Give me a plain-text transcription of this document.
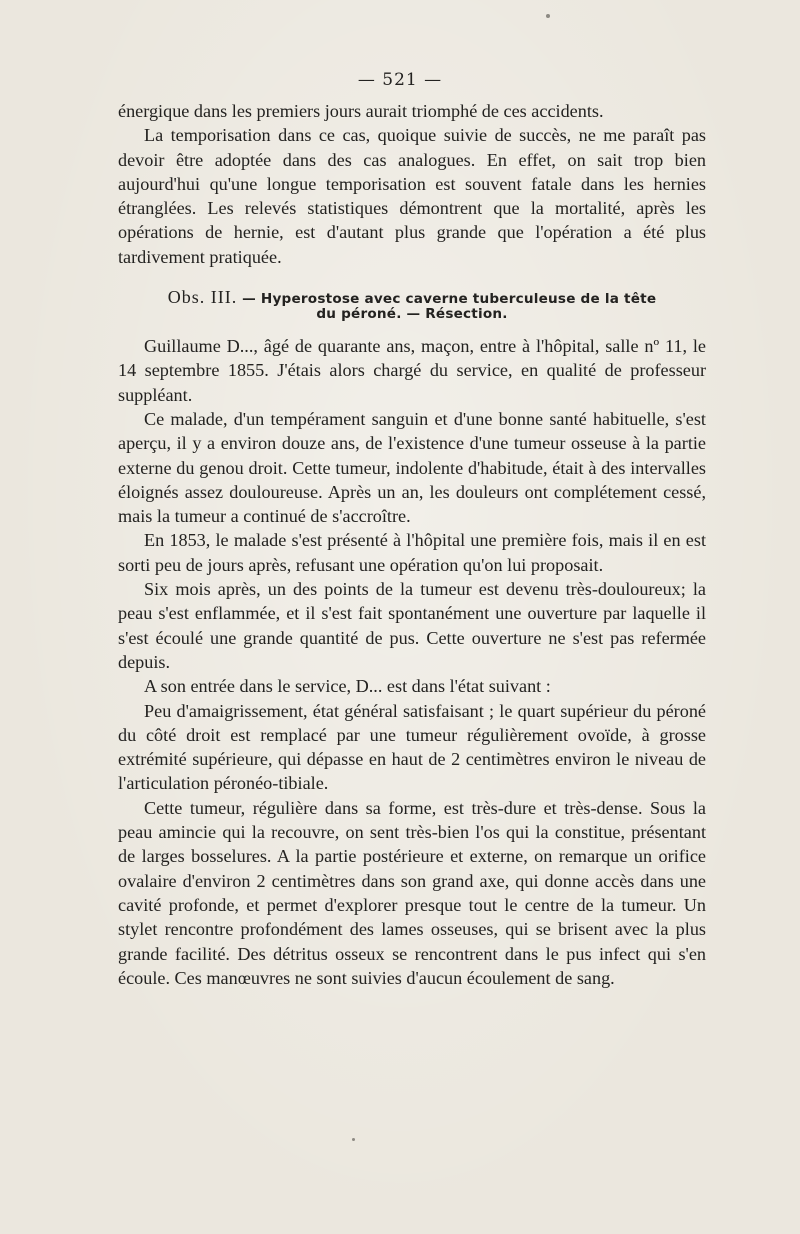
— 521 —

énergique dans les premiers jours aurait triomphé de ces accidents.

La temporisation dans ce cas, quoique suivie de succès, ne me paraît pas devoir être adoptée dans des cas analogues. En effet, on sait trop bien aujourd'hui qu'une longue temporisation est souvent fatale dans les hernies étranglées. Les relevés statistiques démontrent que la mortalité, après les opérations de hernie, est d'autant plus grande que l'opération a été plus tardivement pratiquée.

Obs. III. — Hyperostose avec caverne tuberculeuse de la tête
du péroné. — Résection.

Guillaume D..., âgé de quarante ans, maçon, entre à l'hôpital, salle nº 11, le 14 septembre 1855. J'étais alors chargé du service, en qualité de professeur suppléant.

Ce malade, d'un tempérament sanguin et d'une bonne santé habituelle, s'est aperçu, il y a environ douze ans, de l'existence d'une tumeur osseuse à la partie externe du genou droit. Cette tumeur, indolente d'habitude, était à des intervalles éloignés assez douloureuse. Après un an, les douleurs ont complétement cessé, mais la tumeur a continué de s'accroître.

En 1853, le malade s'est présenté à l'hôpital une première fois, mais il en est sorti peu de jours après, refusant une opération qu'on lui proposait.

Six mois après, un des points de la tumeur est devenu très-douloureux; la peau s'est enflammée, et il s'est fait spontanément une ouverture par laquelle il s'est écoulé une grande quantité de pus. Cette ouverture ne s'est pas refermée depuis.

A son entrée dans le service, D... est dans l'état suivant :

Peu d'amaigrissement, état général satisfaisant ; le quart supérieur du péroné du côté droit est remplacé par une tumeur régulièrement ovoïde, à grosse extrémité supérieure, qui dépasse en haut de 2 centimètres environ le niveau de l'articulation péronéo-tibiale.

Cette tumeur, régulière dans sa forme, est très-dure et très-dense. Sous la peau amincie qui la recouvre, on sent très-bien l'os qui la constitue, présentant de larges bosselures. A la partie postérieure et externe, on remarque un orifice ovalaire d'environ 2 centimètres dans son grand axe, qui donne accès dans une cavité profonde, et permet d'explorer presque tout le centre de la tumeur. Un stylet rencontre profondément des lames osseuses, qui se brisent avec la plus grande facilité. Des détritus osseux se rencontrent dans le pus infect qui s'en écoule. Ces manœuvres ne sont suivies d'aucun écoulement de sang.
